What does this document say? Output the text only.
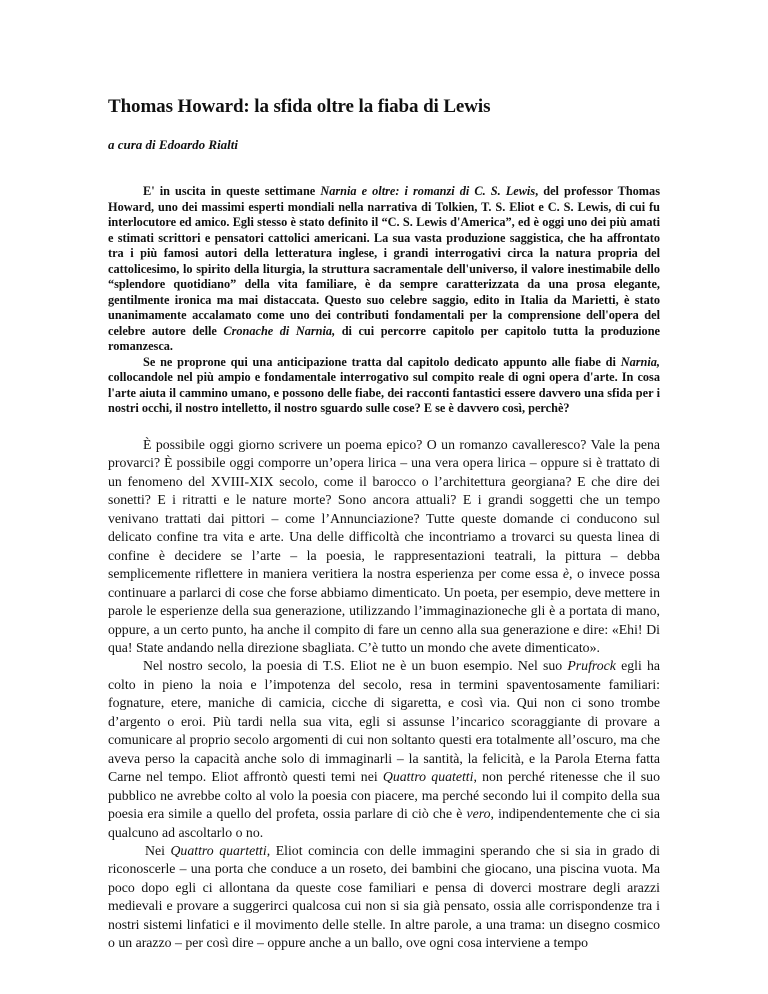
Thomas Howard: la sfida oltre la fiaba di Lewis
a cura di Edoardo Rialti

E' in uscita in queste settimane Narnia e oltre: i romanzi di C. S. Lewis, del professor Thomas Howard, uno dei massimi esperti mondiali nella narrativa di Tolkien, T. S. Eliot e C. S. Lewis, di cui fu interlocutore ed amico. Egli stesso è stato definito il “C. S. Lewis d'America”, ed è oggi uno dei più amati e stimati scrittori e pensatori cattolici americani. La sua vasta produzione saggistica, che ha affrontato tra i più famosi autori della letteratura inglese, i grandi interrogativi circa la natura propria del cattolicesimo, lo spirito della liturgia, la struttura sacramentale dell'universo, il valore inestimabile dello “splendore quotidiano” della vita familiare, è da sempre caratterizzata da una prosa elegante, gentilmente ironica ma mai distaccata. Questo suo celebre saggio, edito in Italia da Marietti, è stato unanimamente accalamato come uno dei contributi fondamentali per la comprensione dell'opera del celebre autore delle Cronache di Narnia, di cui percorre capitolo per capitolo tutta la produzione romanzesca.

Se ne proprone qui una anticipazione tratta dal capitolo dedicato appunto alle fiabe di Narnia, collocandole nel più ampio e fondamentale interrogativo sul compito reale di ogni opera d'arte. In cosa l'arte aiuta il cammino umano, e possono delle fiabe, dei racconti fantastici essere davvero una sfida per i nostri occhi, il nostro intelletto, il nostro sguardo sulle cose? E se è davvero così, perchè?

È possibile oggi giorno scrivere un poema epico? O un romanzo cavalleresco? Vale la pena provarci? È possibile oggi comporre un’opera lirica – una vera opera lirica – oppure si è trattato di un fenomeno del XVIII-XIX secolo, come il barocco o l’architettura georgiana? E che dire dei sonetti? E i ritratti e le nature morte? Sono ancora attuali? E i grandi soggetti che un tempo venivano trattati dai pittori – come l’Annunciazione? Tutte queste domande ci conducono sul delicato confine tra vita e arte. Una delle difficoltà che incontriamo a trovarci su questa linea di confine è decidere se l’arte – la poesia, le rappresentazioni teatrali, la pittura – debba semplicemente riflettere in maniera veritiera la nostra esperienza per come essa è, o invece possa continuare a parlarci di cose che forse abbiamo dimenticato. Un poeta, per esempio, deve mettere in parole le esperienze della sua generazione, utilizzando l’immaginazioneche gli è a portata di mano, oppure, a un certo punto, ha anche il compito di fare un cenno alla sua generazione e dire: «Ehi! Di qua! State andando nella direzione sbagliata. C’è tutto un mondo che avete dimenticato».

Nel nostro secolo, la poesia di T.S. Eliot ne è un buon esempio. Nel suo Prufrock egli ha colto in pieno la noia e l’impotenza del secolo, resa in termini spaventosamente familiari: fognature, etere, maniche di camicia, cicche di sigaretta, e così via. Qui non ci sono trombe d’argento o eroi. Più tardi nella sua vita, egli si assunse l’incarico scoraggiante di provare a comunicare al proprio secolo argomenti di cui non soltanto questi era totalmente all’oscuro, ma che aveva perso la capacità anche solo di immaginarli – la santità, la felicità, e la Parola Eterna fatta Carne nel tempo. Eliot affrontò questi temi nei Quattro quatetti, non perché ritenesse che il suo pubblico ne avrebbe colto al volo la poesia con piacere, ma perché secondo lui il compito della sua poesia era simile a quello del profeta, ossia parlare di ciò che è vero, indipendentemente che ci sia qualcuno ad ascoltarlo o no.

Nei Quattro quartetti, Eliot comincia con delle immagini sperando che si sia in grado di riconoscerle – una porta che conduce a un roseto, dei bambini che giocano, una piscina vuota. Ma poco dopo egli ci allontana da queste cose familiari e pensa di doverci mostrare degli arazzi medievali e provare a suggerirci qualcosa cui non si sia già pensato, ossia alle corrispondenze tra i nostri sistemi linfatici e il movimento delle stelle. In altre parole, a una trama: un disegno cosmico o un arazzo – per così dire – oppure anche a un ballo, ove ogni cosa interviene a tempo
